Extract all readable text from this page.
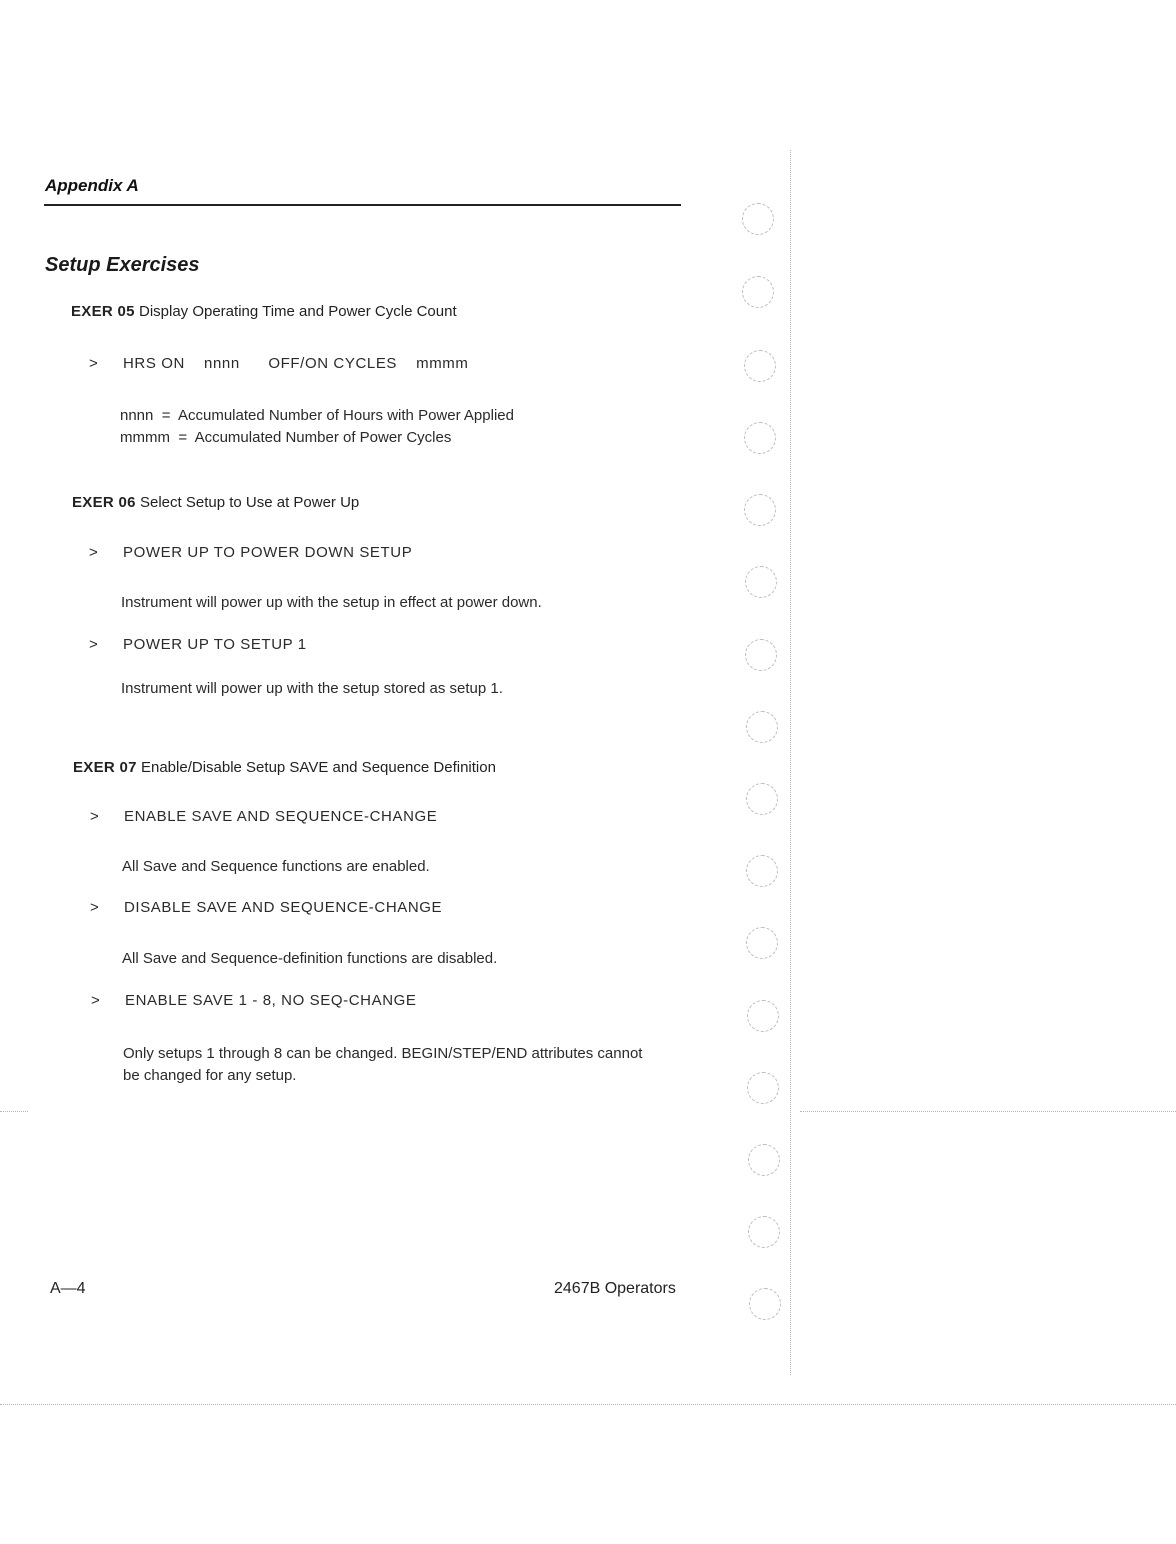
Appendix A
Setup Exercises
EXER 05 Display Operating Time and Power Cycle Count
> HRS ON    nnnn      OFF/ON CYCLES    mmmm
nnnn  =  Accumulated Number of Hours with Power Applied
mmmm  =  Accumulated Number of Power Cycles
EXER 06 Select Setup to Use at Power Up
> POWER UP TO POWER DOWN SETUP
Instrument will power up with the setup in effect at power down.
> POWER UP TO SETUP 1
Instrument will power up with the setup stored as setup 1.
EXER 07 Enable/Disable Setup SAVE and Sequence Definition
> ENABLE SAVE AND SEQUENCE-CHANGE
All Save and Sequence functions are enabled.
> DISABLE SAVE AND SEQUENCE-CHANGE
All Save and Sequence-definition functions are disabled.
> ENABLE SAVE 1 - 8, NO SEQ-CHANGE
Only setups 1 through 8 can be changed. BEGIN/STEP/END attributes cannot
be changed for any setup.
A—4	2467B Operators
